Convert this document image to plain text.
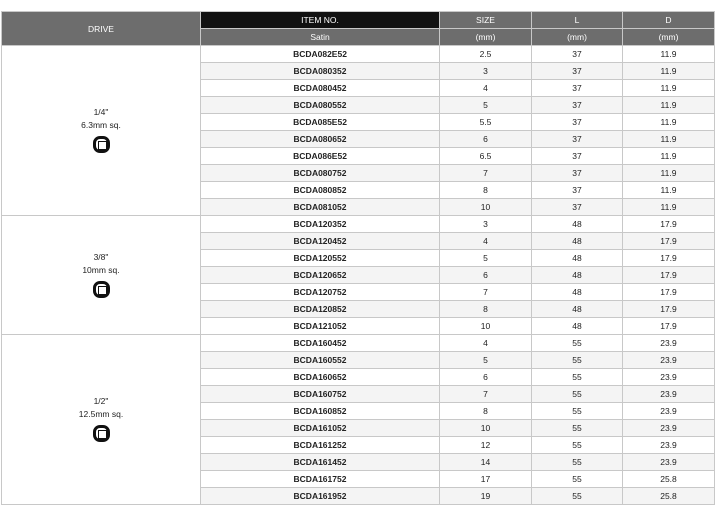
DRIVE	ITEM NO.	SIZE	L	D
	Satin	(mm)	(mm)	(mm)

1/4"
6.3mm sq.	BCDA082E52	2.5	37	11.9
	BCDA080352	3	37	11.9
	BCDA080452	4	37	11.9
	BCDA080552	5	37	11.9
	BCDA085E52	5.5	37	11.9
	BCDA080652	6	37	11.9
	BCDA086E52	6.5	37	11.9
	BCDA080752	7	37	11.9
	BCDA080852	8	37	11.9
	BCDA081052	10	37	11.9

3/8"
10mm sq.	BCDA120352	3	48	17.9
	BCDA120452	4	48	17.9
	BCDA120552	5	48	17.9
	BCDA120652	6	48	17.9
	BCDA120752	7	48	17.9
	BCDA120852	8	48	17.9
	BCDA121052	10	48	17.9

1/2"
12.5mm sq.	BCDA160452	4	55	23.9
	BCDA160552	5	55	23.9
	BCDA160652	6	55	23.9
	BCDA160752	7	55	23.9
	BCDA160852	8	55	23.9
	BCDA161052	10	55	23.9
	BCDA161252	12	55	23.9
	BCDA161452	14	55	23.9
	BCDA161752	17	55	25.8
	BCDA161952	19	55	25.8
